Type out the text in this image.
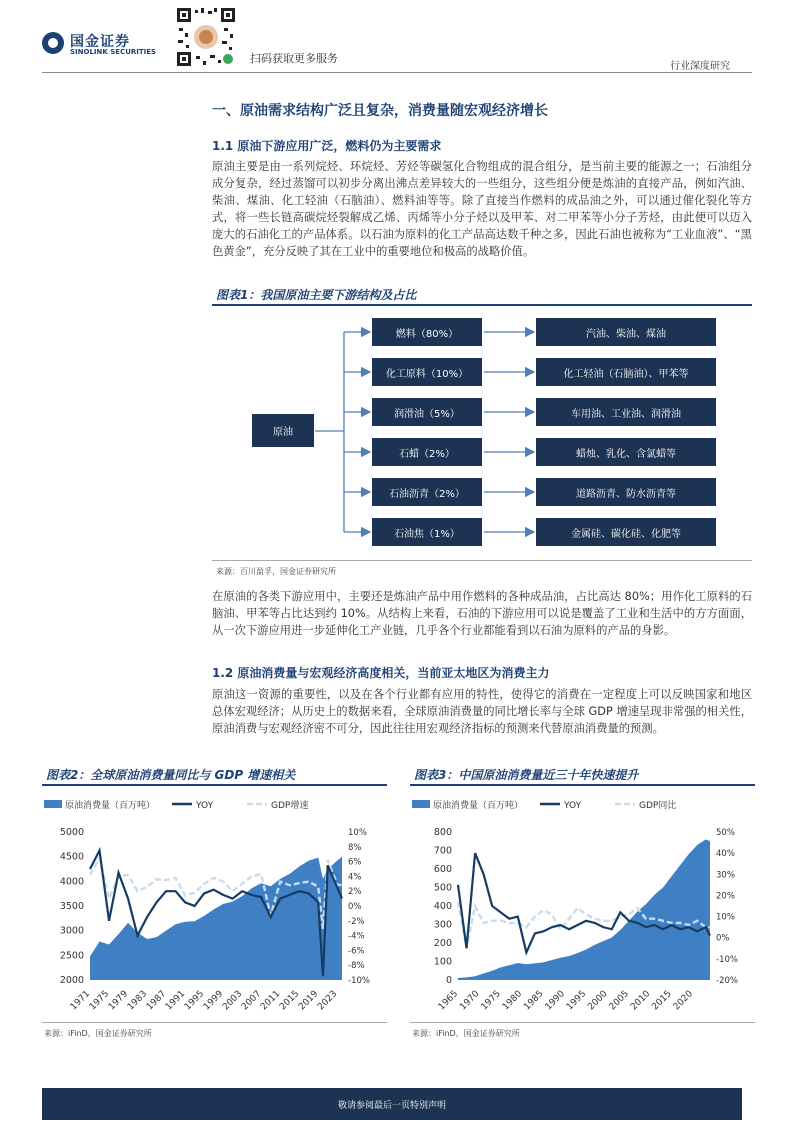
国金证券
SINOLINK SECURITIES	扫码获取更多服务
行业深度研究
一、原油需求结构广泛且复杂，消费量随宏观经济增长
1.1 原油下游应用广泛，燃料仍为主要需求
原油主要是由一系列烷烃、环烷烃、芳烃等碳氢化合物组成的混合组分，是当前主要的能源之一；石油组分成分复杂，经过蒸馏可以初步分离出沸点差异较大的一些组分，这些组分便是炼油的直接产品，例如汽油、柴油、煤油、化工轻油（石脑油）、燃料油等等。除了直接当作燃料的成品油之外，可以通过催化裂化等方式，将一些长链高碳烷烃裂解成乙烯、丙烯等小分子烃以及甲苯、对二甲苯等小分子芳烃，由此便可以迈入庞大的石油化工的产品体系。以石油为原料的化工产品高达数千种之多，因此石油也被称为“工业血液”、“黑色黄金”，充分反映了其在工业中的重要地位和极高的战略价值。
图表1：我国原油主要下游结构及占比
原油
燃料（80%）
化工原料（10%）
润滑油（5%）
石蜡（2%）
石油沥青（2%）
石油焦（1%）
汽油、柴油、煤油
化工轻油（石脑油）、甲苯等
车用油、工业油、润滑油
蜡烛、乳化、含氯蜡等
道路沥青、防水沥青等
金属硅、碳化硅、化肥等
来源：百川盈孚，国金证券研究所
在原油的各类下游应用中，主要还是炼油产品中用作燃料的各种成品油，占比高达 80%；用作化工原料的石脑油、甲苯等占比达到约 10%。从结构上来看，石油的下游应用可以说是覆盖了工业和生活中的方方面面，从一次下游应用进一步延伸化工产业链，几乎各个行业都能看到以石油为原料的产品的身影。
1.2 原油消费量与宏观经济高度相关，当前亚太地区为消费主力
原油这一资源的重要性，以及在各个行业都有应用的特性，使得它的消费在一定程度上可以反映国家和地区总体宏观经济；从历史上的数据来看，全球原油消费量的同比增长率与全球 GDP 增速呈现非常强的相关性，原油消费与宏观经济密不可分，因此往往用宏观经济指标的预测来代替原油消费量的预测。
图表2：全球原油消费量同比与 GDP 增速相关
原油消费量（百万吨）	YOY	GDP增速
2000
2500
3000
3500
4000
4500
5000
-10%
-8%
-6%
-4%
-2%
0%
2%
4%
6%
8%
10%
1971
1975
1979
1983
1987
1991
1995
1999
2003
2007
2011
2015
2019
2023
来源：iFinD，国金证券研究所
图表3：中国原油消费量近三十年快速提升
原油消费量（百万吨）	YOY	GDP同比
0
100
200
300
400
500
600
700
800
-20%
-10%
0%
10%
20%
30%
40%
50%
1965
1970
1975
1980
1985
1990
1995
2000
2005
2010
2015
2020
来源：iFinD，国金证券研究所
敬请参阅最后一页特别声明
